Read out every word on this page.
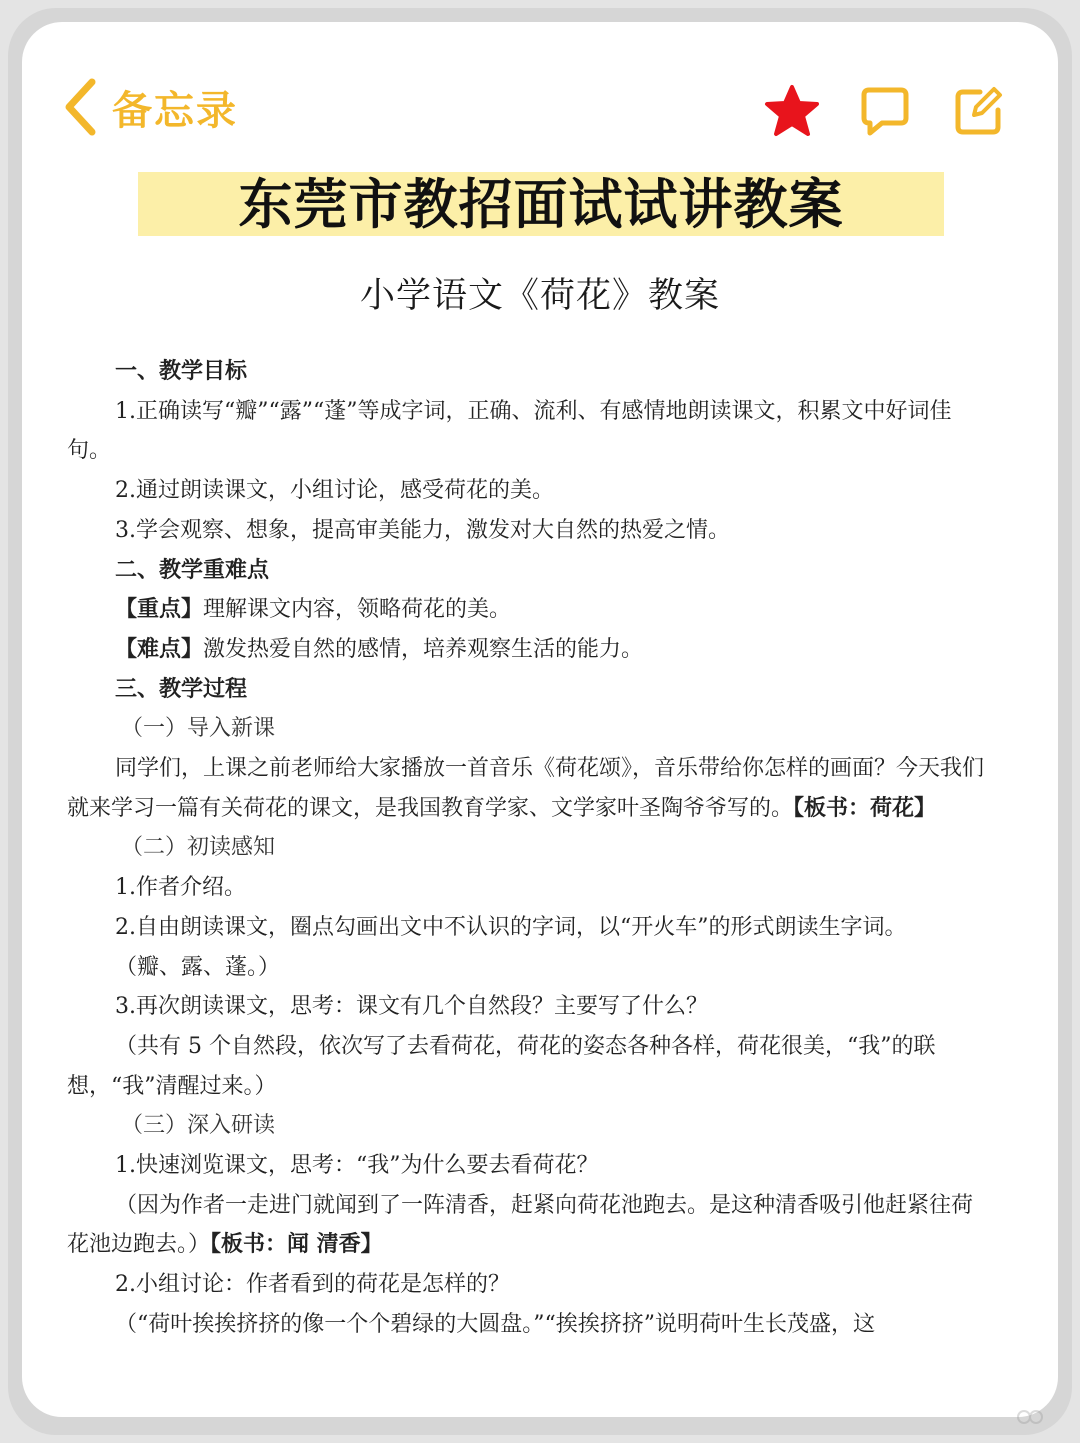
备忘录
东莞市教招面试试讲教案
小学语文《荷花》教案

一、教学目标

1.正确读写“瓣”“露”“蓬”等成字词，正确、流利、有感情地朗读课文，积累文中好词佳句。

2.通过朗读课文，小组讨论，感受荷花的美。

3.学会观察、想象，提高审美能力，激发对大自然的热爱之情。

二、教学重难点

【重点】理解课文内容，领略荷花的美。

【难点】激发热爱自然的感情，培养观察生活的能力。

三、教学过程

（一）导入新课

同学们，上课之前老师给大家播放一首音乐《荷花颂》，音乐带给你怎样的画面？今天我们就来学习一篇有关荷花的课文，是我国教育学家、文学家叶圣陶爷爷写的。【板书：荷花】

（二）初读感知

1.作者介绍。

2.自由朗读课文，圈点勾画出文中不认识的字词，以“开火车”的形式朗读生字词。

（瓣、露、蓬。）

3.再次朗读课文，思考：课文有几个自然段？主要写了什么？

（共有 5 个自然段，依次写了去看荷花，荷花的姿态各种各样，荷花很美，“我”的联想，“我”清醒过来。）

（三）深入研读

1.快速浏览课文，思考：“我”为什么要去看荷花？

（因为作者一走进门就闻到了一阵清香，赶紧向荷花池跑去。是这种清香吸引他赶紧往荷花池边跑去。）【板书：闻 清香】

2.小组讨论：作者看到的荷花是怎样的？

（“荷叶挨挨挤挤的像一个个碧绿的大圆盘。”“挨挨挤挤”说明荷叶生长茂盛，这
